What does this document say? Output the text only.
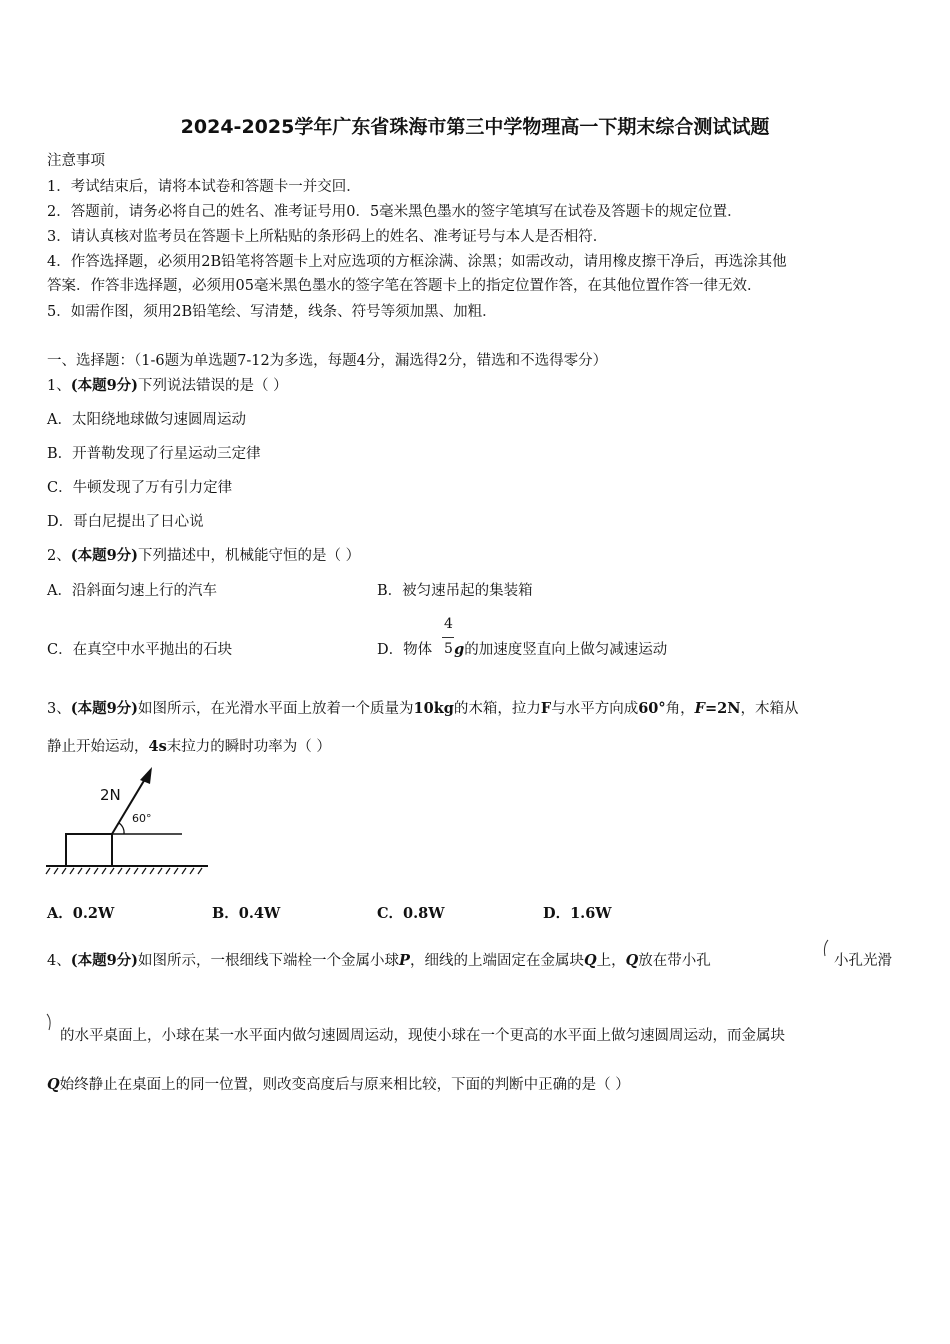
2024-2025学年广东省珠海市第三中学物理高一下期末综合测试试题
注意事项
1．考试结束后，请将本试卷和答题卡一并交回．
2．答题前，请务必将自己的姓名、准考证号用0．5毫米黑色墨水的签字笔填写在试卷及答题卡的规定位置．
3．请认真核对监考员在答题卡上所粘贴的条形码上的姓名、准考证号与本人是否相符．
4．作答选择题，必须用2B铅笔将答题卡上对应选项的方框涂满、涂黑；如需改动，请用橡皮擦干净后，再选涂其他
答案．作答非选择题，必须用05毫米黑色墨水的签字笔在答题卡上的指定位置作答，在其他位置作答一律无效．
5．如需作图，须用2B铅笔绘、写清楚，线条、符号等须加黑、加粗．
一、选择题：（1-6题为单选题7-12为多选，每题4分，漏选得2分，错选和不选得零分）
1、(本题9分)下列说法错误的是（ ）
A．太阳绕地球做匀速圆周运动
B．开普勒发现了行星运动三定律
C．牛顿发现了万有引力定律
D．哥白尼提出了日心说
2、(本题9分)下列描述中，机械能守恒的是（ ）
A．沿斜面匀速上行的汽车	B．被匀速吊起的集装箱
C．在真空中水平抛出的石块	D．物体 g的加速度竖直向上做匀减速运动
4
5
3、(本题9分)如图所示，在光滑水平面上放着一个质量为10kg的木箱，拉力F与水平方向成60°角，F=2N，木箱从
静止开始运动，4s末拉力的瞬时功率为（ ）
2N
60°
A．0.2W	B．0.4W	C．0.8W	D．1.6W
4、(本题9分)如图所示，一根细线下端栓一个金属小球P，细线的上端固定在金属块Q上，Q放在带小孔	小孔光滑
的水平桌面上，小球在某一水平面内做匀速圆周运动，现使小球在一个更高的水平面上做匀速圆周运动，而金属块
Q始终静止在桌面上的同一位置，则改变高度后与原来相比较，下面的判断中正确的是（ ）
